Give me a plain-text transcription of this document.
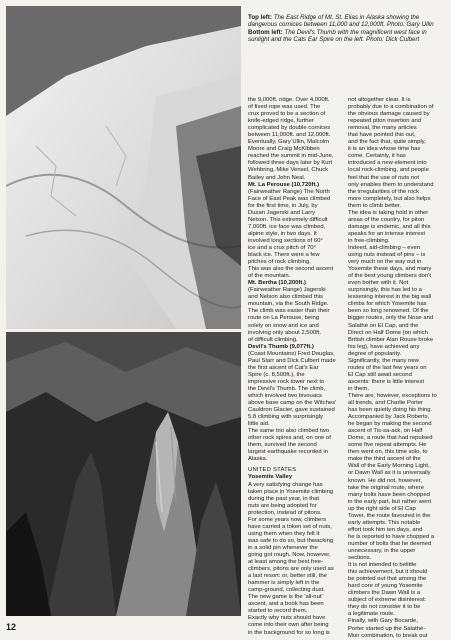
Top left: The East Ridge of Mt. St. Elias in Alaska showing the dangerous cornices between 11,000 and 12,000ft. Photo: Gary Ullin
Bottom left: The Devil's Thumb with the magnificent west face in sunlight and the Cats Ear Spire on the left. Photo: Dick Culbert

the 9,000ft. ridge. Over 4,000ft.

of fixed rope was used. The

crux proved to be a section of

knife-edged ridge, further

complicated by double cornices

between 11,000ft. and 12,000ft.

Eventually, Gary Ullin, Malcolm

Moore and Craig McKibben

reached the summit in mid-June,

followed three days later by Kurt

Wehbring, Mike Vensel, Chuck

Bailey and John Neal.

Mt. La Perouse (10,720ft.)

(Fairweather Range) The North

Face of East Peak was climbed

for the first time, in July, by

Dusan Jagerski and Larry

Nelson. This extremely difficult

7,000ft. ice face was climbed,

alpine style, in two days. It

involved long sections of 60°

ice and a crux pitch of 70°

black ice. There were a few

pitches of rock climbing.

This was also the second ascent

of the mountain.

Mt. Bertha (10,200ft.)

(Fairweather Range) Jagerski

and Nelson also climbed this

mountain, via the South Ridge.

The climb was easier than their

route on La Perouse, being

solely on snow and ice and

involving only about 2,500ft.

of difficult climbing.

Devil's Thumb (9,077ft.)

(Coast Mountains) Fred Douglas,

Paul Starr and Dick Culbert made

the first ascent of Cat's Ear

Spire (c. 8,500ft.), the

impressive rock tower next to

the Devil's Thumb. The climb,

which involved two bivouacs

above base camp on the Witches'

Cauldron Glacier, gave sustained

5.8 climbing with surprisingly

little aid.

The same trio also climbed two

other rock spires and, on one of

them, survived the second

largest earthquake recorded in

Alaska.

UNITED STATES

Yosemite Valley

A very satisfying change has

taken place in Yosemite climbing

during the past year, in that

nuts are being adopted for

protection, instead of pitons.

For some years now, climbers

have carried a token set of nuts,

using them when they felt it

was safe to do so, but thwacking

in a solid pin whenever the

going got rough. Now, however,

at least among the best free-

climbers, pitons are only used as

a last resort: or, better still, the

hammer is simply left in the

camp-ground, collecting dust.

The new game is the 'all-nut'

ascent, and a book has been

started to record them.

Exactly why nuts should have

come into their own after being

in the background for so long is

not altogether clear. It is

probably due to a combination of

the obvious damage caused by

repeated piton insertion and

removal, the many articles

that have pointed this out,

and the fact that, quite simply,

it is an idea whose time has

come. Certainly, it has

introduced a new element into

local rock-climbing, and people

feel that the use of nuts not

only enables them to understand

the irregularities of the rock

more completely, but also helps

them to climb better.

The idea is taking hold in other

areas of the country, for piton

damage is endemic, and all this

speaks for an intense interest

in free-climbing.

Indeed, aid-climbing – even

using nuts instead of pins – is

very much on the way out in

Yosemite these days, and many

of the best young climbers don't

even bother with it. Not

surprisingly, this has led to a

lessening interest in the big wall

climbs for which Yosemite has

been so long renowned. Of the

bigger routes, only the Nose and

Salathé on El Cap, and the

Direct on Half Dome (on which

British climber Alan Rouse broke

his leg), have achieved any

degree of popularity.

Significantly, the many new

routes of the last few years on

El Cap still await second

ascents: there is little interest

in them.

There are, however, exceptions to

all trends, and Charlie Porter

has been quietly doing his thing.

Accompanied by Jack Roberts,

he began by making the second

ascent of Tis-sa-ack, on Half

Dome, a route that had repulsed

some five repeat attempts. He

then went on, this time solo, to

make the third ascent of the

Wall of the Early Morning Light,

or Dawn Wall as it is universally

known. He did not, however,

take the original route, where

many bolts have been chopped

in the early part, but rather went

up the right side of El Cap

Tower, the route favoured in the

early attempts. This notable

effort took him ten days, and

he is reported to have chopped a

number of bolts that he deemed

unnecessary, in the upper

sections.

It is not intended to belittle

this achievement, but it should

be pointed out that among the

hard core of young Yosemite

climbers the Dawn Wall is a

subject of extreme disinterest:

they do not consider it to be

a legitimate route.

Finally, with Gary Bocarde,

Porter started up the Salathé-

Muir combination, to break out

12
